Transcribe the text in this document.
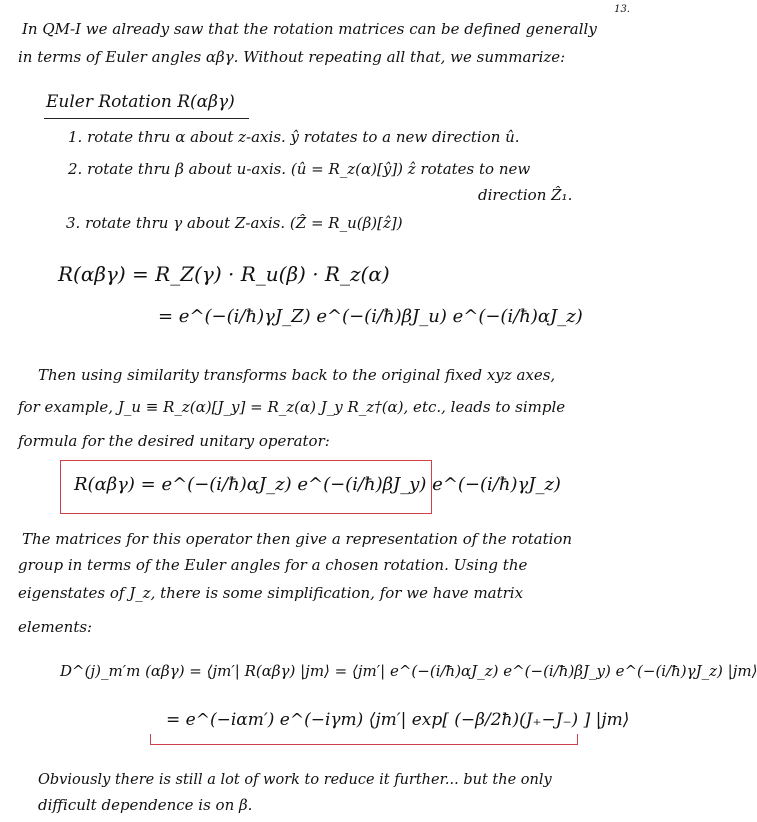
13.
In QM-I we already saw that the rotation matrices can be defined generally
in terms of Euler angles αβγ. Without repeating all that, we summarize:
Euler Rotation R(αβγ)
1. rotate thru α about z-axis. ŷ rotates to a new direction û.
2. rotate thru β about u-axis. (û = R_z(α)[ŷ]) ẑ rotates to new
direction Ẑ₁.
3. rotate thru γ about Z-axis. (Ẑ = R_u(β)[ẑ])
R(αβγ) = R_Z(γ) · R_u(β) · R_z(α)
= e^(−(i/ħ)γJ_Z) e^(−(i/ħ)βJ_u) e^(−(i/ħ)αJ_z)
Then using similarity transforms back to the original fixed xyz axes,
for example, J_u ≡ R_z(α)[J_y] = R_z(α) J_y R_z†(α), etc., leads to simple
formula for the desired unitary operator:
R(αβγ) = e^(−(i/ħ)αJ_z) e^(−(i/ħ)βJ_y) e^(−(i/ħ)γJ_z)
The matrices for this operator then give a representation of the rotation
group in terms of the Euler angles for a chosen rotation. Using the
eigenstates of J_z, there is some simplification, for we have matrix
elements:
D^(j)_m′m (αβγ) = ⟨jm′| R(αβγ) |jm⟩ = ⟨jm′| e^(−(i/ħ)αJ_z) e^(−(i/ħ)βJ_y) e^(−(i/ħ)γJ_z) |jm⟩
= e^(−iαm′) e^(−iγm) ⟨jm′| exp[ (−β/2ħ)(J₊−J₋) ] |jm⟩
Obviously there is still a lot of work to reduce it further... but the only
difficult dependence is on β.
